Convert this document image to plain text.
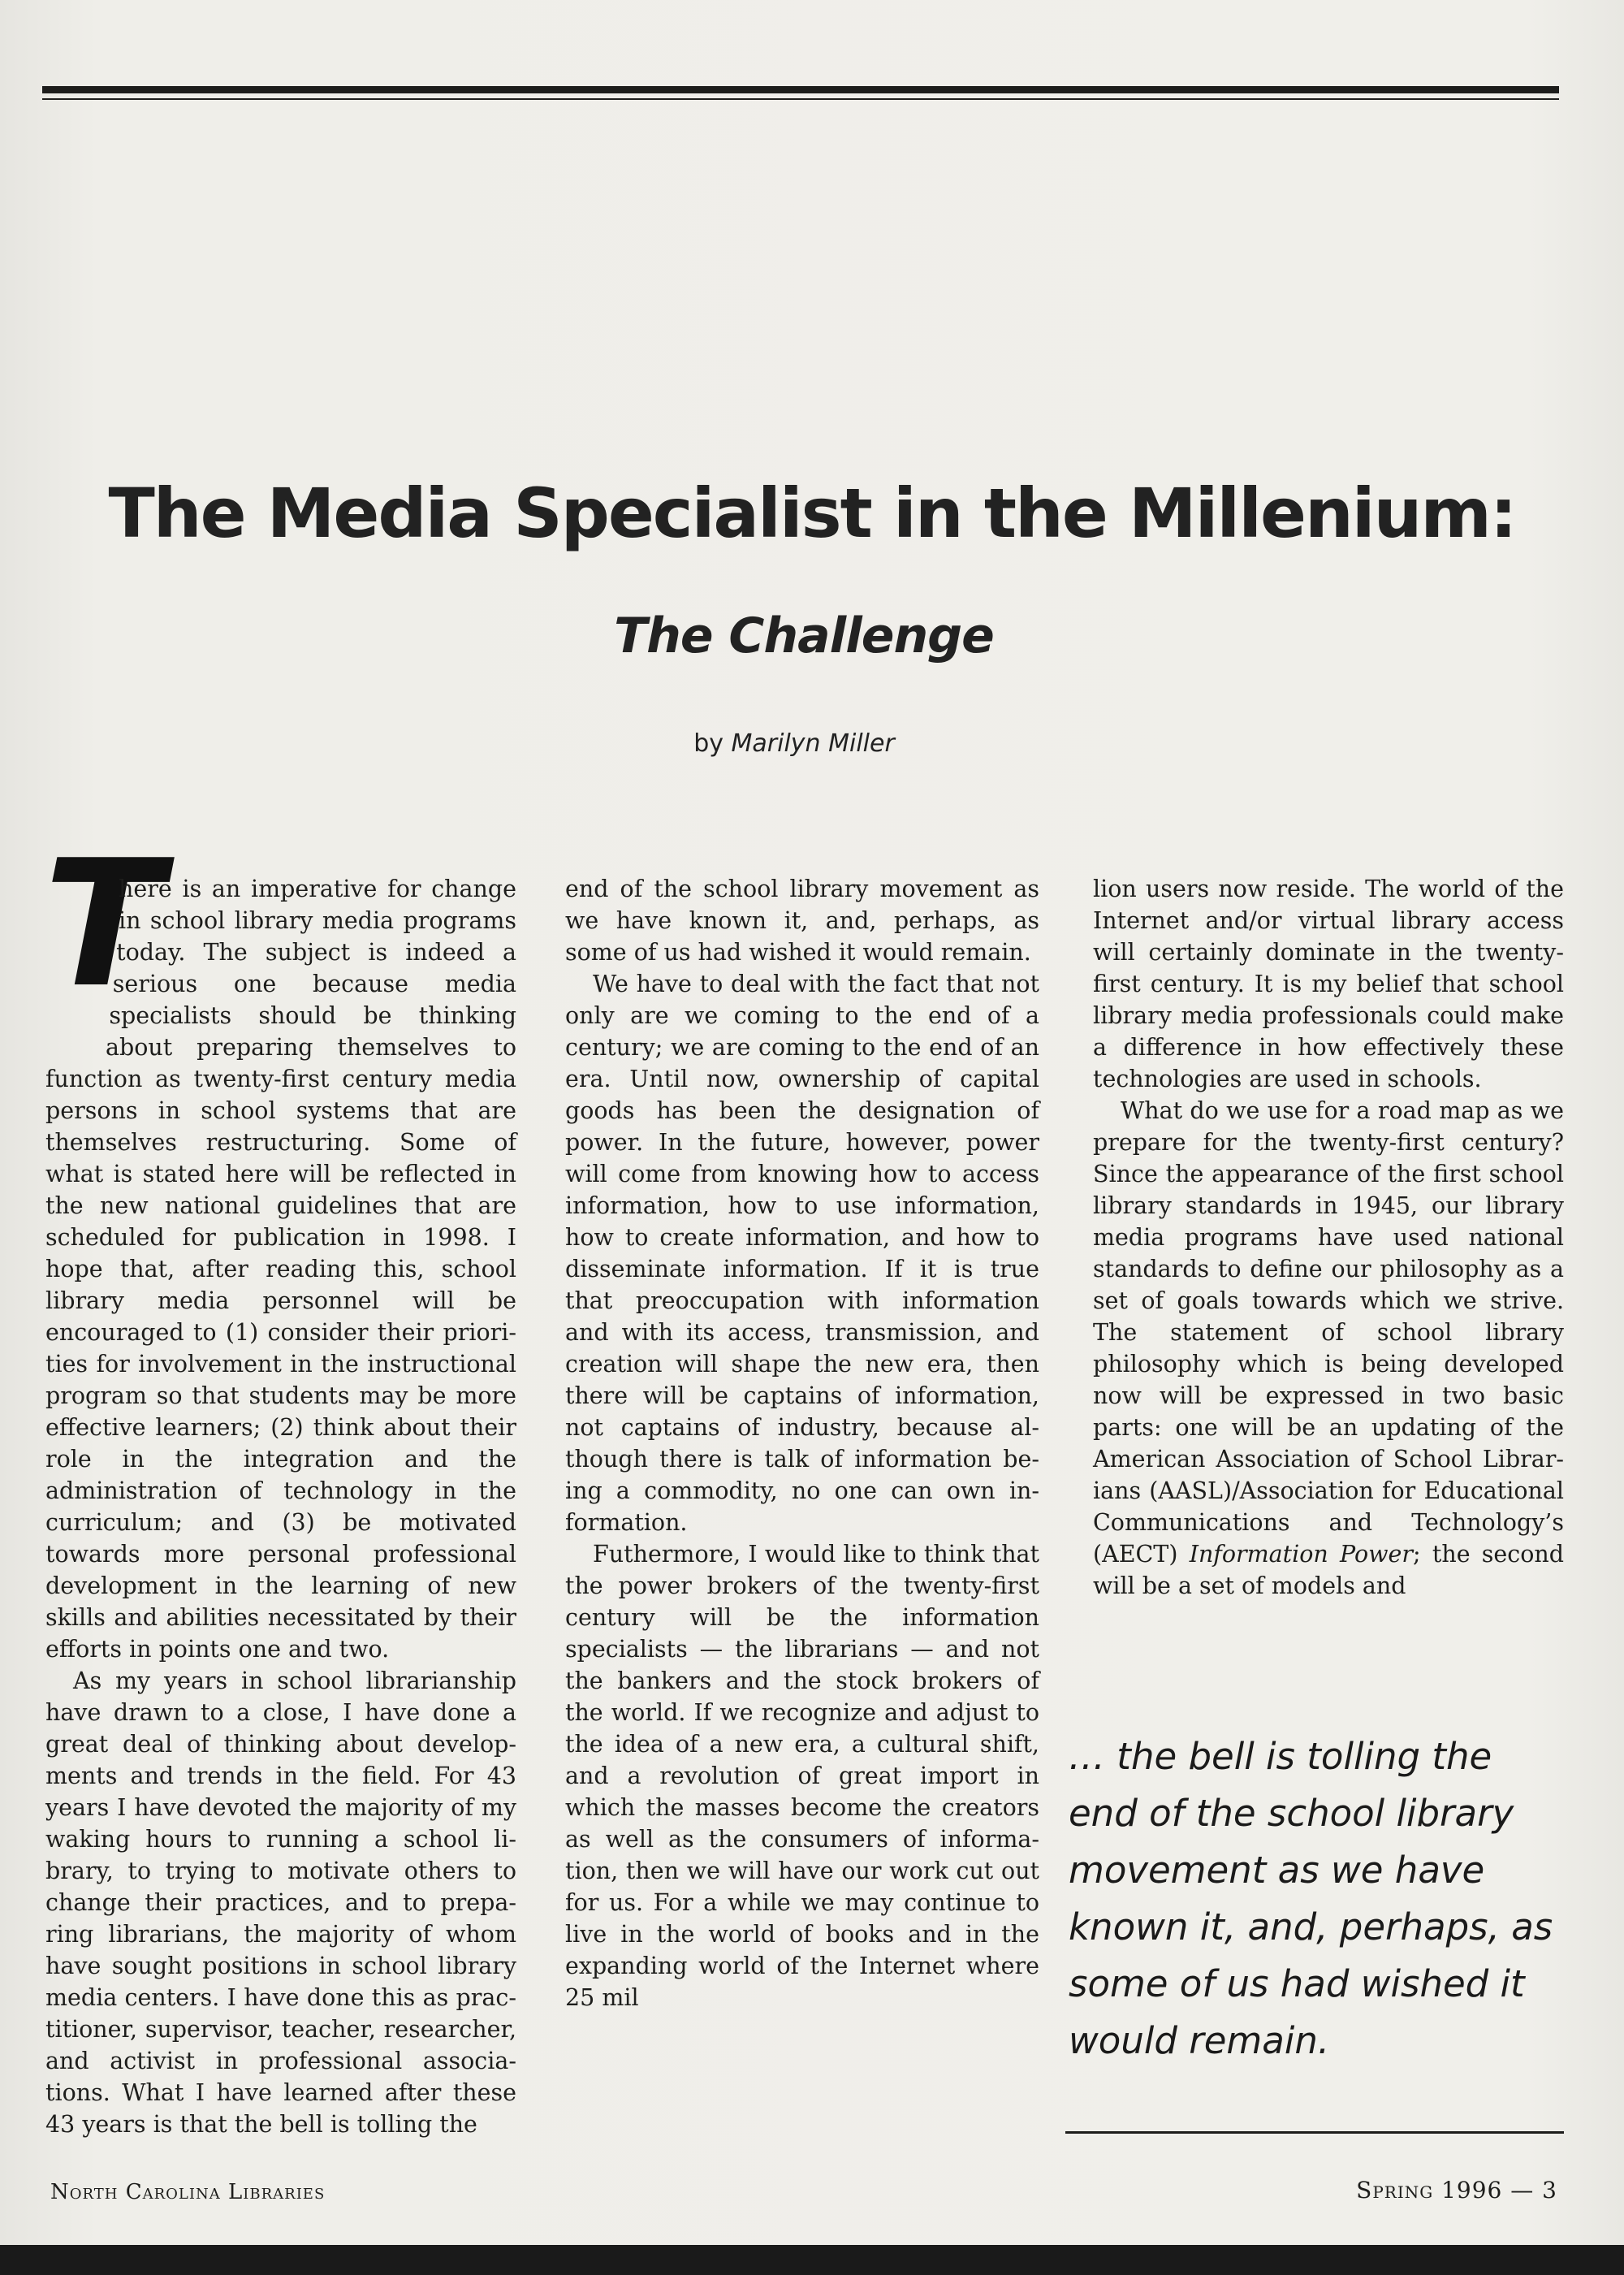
The Media Specialist in the Millenium:
The Challenge
by Marilyn Miller
T

here is an imperative for change in school library media programs today. The subject is indeed a serious one because media specialists should be thinking about preparing themselves to function as twenty-first century media persons in school systems that are themselves restructuring. Some of what is stated here will be reflected in the new national guidelines that are scheduled for publication in 1998. I hope that, after reading this, school library media personnel will be encouraged to (1) consider their priorities for involvement in the instructional program so that students may be more effective learners; (2) think about their role in the integration and the administration of technology in the curriculum; and (3) be motivated towards more personal professional development in the learning of new skills and abilities necessitated by their efforts in points one and two.

As my years in school librarianship have drawn to a close, I have done a great deal of thinking about developments and trends in the field. For 43 years I have devoted the majority of my waking hours to running a school library, to trying to motivate others to change their practices, and to preparing librarians, the majority of whom have sought positions in school library media centers. I have done this as practitioner, supervisor, teacher, researcher, and activist in professional associations. What I have learned after these 43 years is that the bell is tolling the

end of the school library movement as we have known it, and, perhaps, as some of us had wished it would remain.

We have to deal with the fact that not only are we coming to the end of a century; we are coming to the end of an era. Until now, ownership of capital goods has been the designation of power. In the future, however, power will come from knowing how to access information, how to use information, how to create information, and how to disseminate information. If it is true that preoccupation with information and with its access, transmission, and creation will shape the new era, then there will be captains of information, not captains of industry, because although there is talk of information being a commodity, no one can own information.

Futhermore, I would like to think that the power brokers of the twenty-first century will be the information specialists — the librarians — and not the bankers and the stock brokers of the world. If we recognize and adjust to the idea of a new era, a cultural shift, and a revolution of great import in which the masses become the creators as well as the consumers of information, then we will have our work cut out for us. For a while we may continue to live in the world of books and in the expanding world of the Internet where 25 mil

lion users now reside. The world of the Internet and/or virtual library access will certainly dominate in the twenty-first century. It is my belief that school library media professionals could make a difference in how effectively these technologies are used in schools.

What do we use for a road map as we prepare for the twenty-first century? Since the appearance of the first school library standards in 1945, our library media programs have used national standards to define our philosophy as a set of goals towards which we strive. The statement of school library philosophy which is being developed now will be expressed in two basic parts: one will be an updating of the American Association of School Librarians (AASL)/Association for Educational Communications and Technology’s (AECT) Information Power; the second will be a set of models and

… the bell is tolling the end of the school library movement as we have known it, and, perhaps, as some of us had wished it would remain.
North Carolina Libraries	Spring 1996 — 3
